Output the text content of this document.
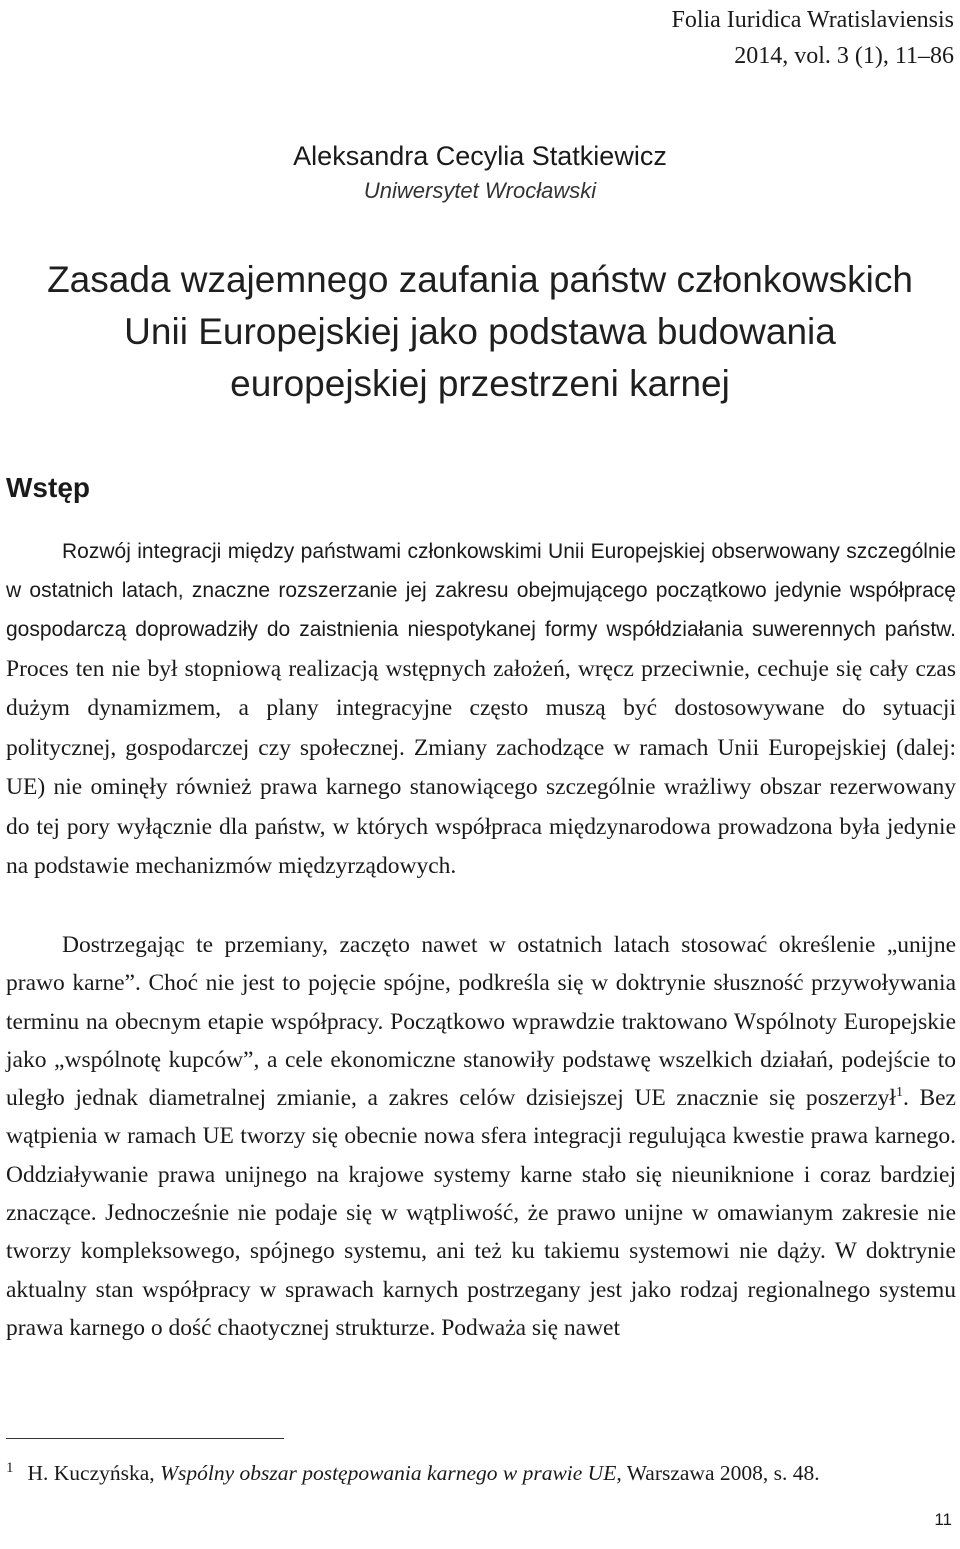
Folia Iuridica Wratislaviensis
2014, vol. 3 (1), 11–86
Aleksandra Cecylia Statkiewicz
Uniwersytet Wrocławski
Zasada wzajemnego zaufania państw członkowskich
Unii Europejskiej jako podstawa budowania
europejskiej przestrzeni karnej
Wstęp

Rozwój integracji między państwami członkowskimi Unii Europejskiej obserwowany szczególnie w ostatnich latach, znaczne rozszerzanie jej zakresu obejmującego początkowo jedynie współpracę gospodarczą doprowadziły do zaistnienia niespotykanej formy współdziałania suwerennych państw. Proces ten nie był stopniową realizacją wstępnych założeń, wręcz przeciwnie, cechuje się cały czas dużym dynamizmem, a plany integracyjne często muszą być dostosowywane do sytuacji politycznej, gospodarczej czy społecznej. Zmiany zachodzące w ramach Unii Europejskiej (dalej: UE) nie ominęły również prawa karnego stanowiącego szczególnie wrażliwy obszar rezerwowany do tej pory wyłącznie dla państw, w których współpraca międzynarodowa prowadzona była jedynie na podstawie mechanizmów międzyrządowych.

Dostrzegając te przemiany, zaczęto nawet w ostatnich latach stosować określenie „unijne prawo karne”. Choć nie jest to pojęcie spójne, podkreśla się w doktrynie słuszność przywoływania terminu na obecnym etapie współpracy. Początkowo wprawdzie traktowano Wspólnoty Europejskie jako „wspólnotę kupców”, a cele ekonomiczne stanowiły podstawę wszelkich działań, podejście to uległo jednak diametralnej zmianie, a zakres celów dzisiejszej UE znacznie się poszerzył$^1$. Bez wątpienia w ramach UE tworzy się obecnie nowa sfera integracji regulująca kwestie prawa karnego. Oddziaływanie prawa unijnego na krajowe systemy karne stało się nieuniknione i coraz bardziej znaczące. Jednocześnie nie podaje się w wątpliwość, że prawo unijne w omawianym zakresie nie tworzy kompleksowego, spójnego systemu, ani też ku takiemu systemowi nie dąży. W doktrynie aktualny stan współpracy w sprawach karnych postrzegany jest jako rodzaj regionalnego systemu prawa karnego o dość chaotycznej strukturze. Podważa się nawet

$^1$ H. Kuczyńska, Wspólny obszar postępowania karnego w prawie UE, Warszawa 2008, s. 48.
11
